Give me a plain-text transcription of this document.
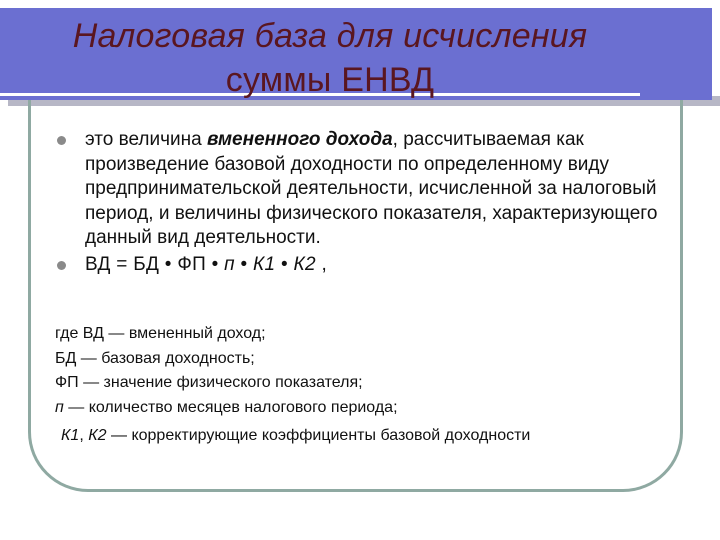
Налоговая база для исчисления
суммы ЕНВД
это величина вмененного дохода, рассчитываемая как произведение базовой доходности по определенному виду предпринимательской деятельности, исчисленной за налоговый период, и величины физического показателя, характеризующего данный вид деятельности.
ВД = БД • ФП • п • К1 • К2 ,
где ВД — вмененный доход;
БД — базовая доходность;
ФП — значение физического показателя;
п — количество месяцев налогового периода;
К1, К2 — корректирующие коэффициенты базовой доходности
